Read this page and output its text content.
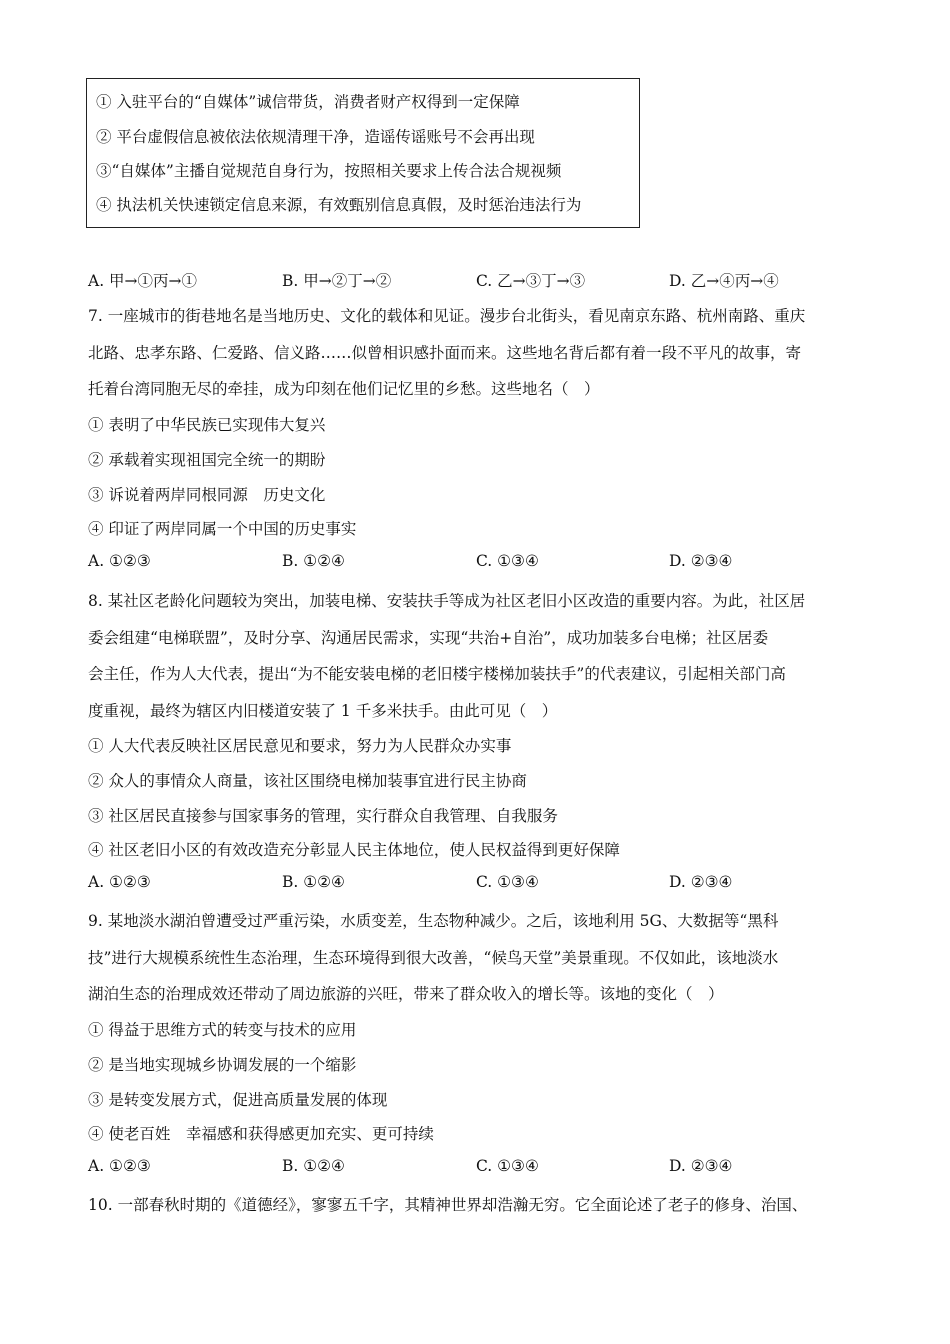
① 入驻平台的“自媒体”诚信带货，消费者财产权得到一定保障
② 平台虚假信息被依法依规清理干净，造谣传谣账号不会再出现
③“自媒体”主播自觉规范自身行为，按照相关要求上传合法合规视频
④ 执法机关快速锁定信息来源，有效甄别信息真假，及时惩治违法行为
A. 甲→①丙→①	B. 甲→②丁→②	C. 乙→③丁→③	D. 乙→④丙→④
7. 一座城市的街巷地名是当地历史、文化的载体和见证。漫步台北街头，看见南京东路、杭州南路、重庆
北路、忠孝东路、仁爱路、信义路……似曾相识感扑面而来。这些地名背后都有着一段不平凡的故事，寄
托着台湾同胞无尽的牵挂，成为印刻在他们记忆里的乡愁。这些地名（　）
① 表明了中华民族已实现伟大复兴
② 承载着实现祖国完全统一的期盼
③ 诉说着两岸同根同源　历史文化
④ 印证了两岸同属一个中国的历史事实
A. ①②③	B. ①②④	C. ①③④	D. ②③④
8. 某社区老龄化问题较为突出，加装电梯、安装扶手等成为社区老旧小区改造的重要内容。为此，社区居
委会组建“电梯联盟”，及时分享、沟通居民需求，实现“共治+自治”，成功加装多台电梯；社区居委
会主任，作为人大代表，提出“为不能安装电梯的老旧楼宇楼梯加装扶手”的代表建议，引起相关部门高
度重视，最终为辖区内旧楼道安装了 1 千多米扶手。由此可见（　）
① 人大代表反映社区居民意见和要求，努力为人民群众办实事
② 众人的事情众人商量，该社区围绕电梯加装事宜进行民主协商
③ 社区居民直接参与国家事务的管理，实行群众自我管理、自我服务
④ 社区老旧小区的有效改造充分彰显人民主体地位，使人民权益得到更好保障
A. ①②③	B. ①②④	C. ①③④	D. ②③④
9. 某地淡水湖泊曾遭受过严重污染，水质变差，生态物种减少。之后，该地利用 5G、大数据等“黑科
技”进行大规模系统性生态治理，生态环境得到很大改善，“候鸟天堂”美景重现。不仅如此，该地淡水
湖泊生态的治理成效还带动了周边旅游的兴旺，带来了群众收入的增长等。该地的变化（　）
① 得益于思维方式的转变与技术的应用
② 是当地实现城乡协调发展的一个缩影
③ 是转变发展方式，促进高质量发展的体现
④ 使老百姓　幸福感和获得感更加充实、更可持续
A. ①②③	B. ①②④	C. ①③④	D. ②③④
10. 一部春秋时期的《道德经》，寥寥五千字，其精神世界却浩瀚无穷。它全面论述了老子的修身、治国、
